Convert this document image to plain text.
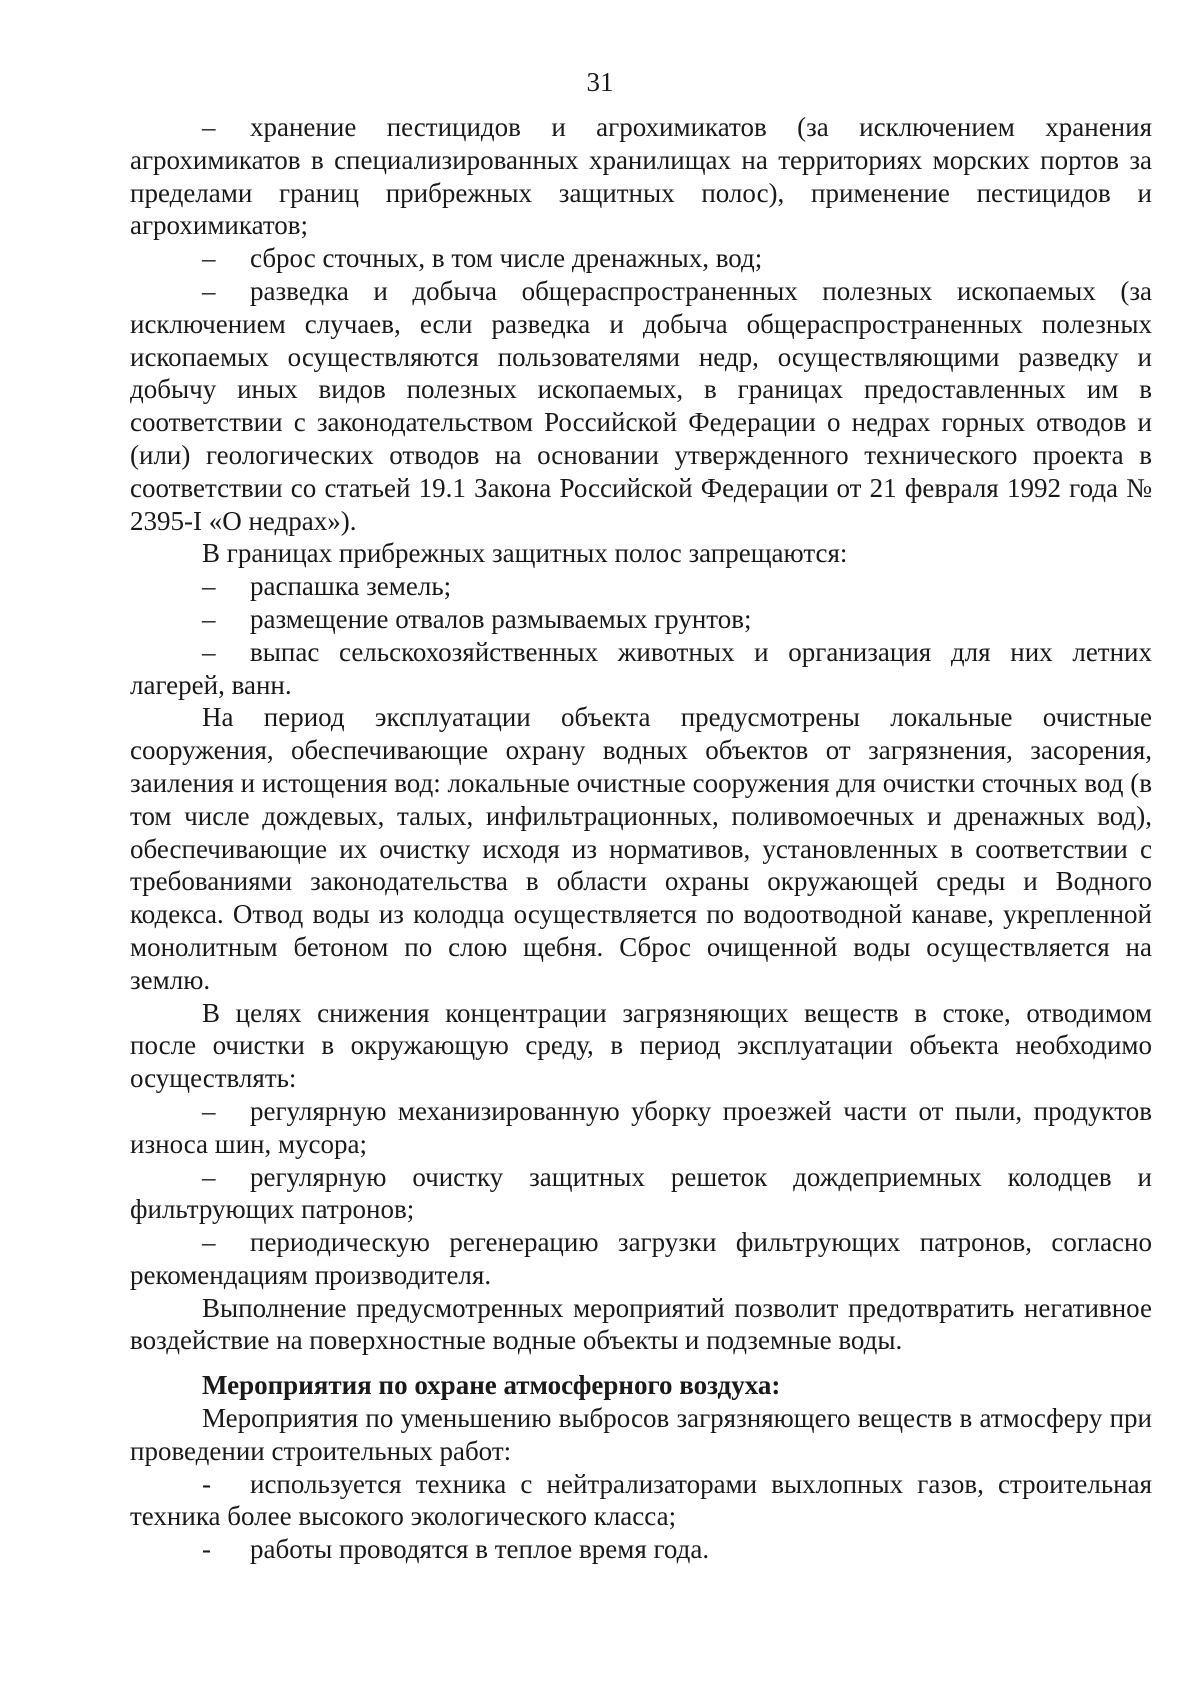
31

– хранение пестицидов и агрохимикатов (за исключением хранения агрохимикатов в специализированных хранилищах на территориях морских портов за пределами границ прибрежных защитных полос), применение пестицидов и агрохимикатов;

– сброс сточных, в том числе дренажных, вод;

– разведка и добыча общераспространенных полезных ископаемых (за исключением случаев, если разведка и добыча общераспространенных полезных ископаемых осуществляются пользователями недр, осуществляющими разведку и добычу иных видов полезных ископаемых, в границах предоставленных им в соответствии с законодательством Российской Федерации о недрах горных отводов и (или) геологических отводов на основании утвержденного технического проекта в соответствии со статьей 19.1 Закона Российской Федерации от 21 февраля 1992 года № 2395-I «О недрах»).

В границах прибрежных защитных полос запрещаются:

– распашка земель;

– размещение отвалов размываемых грунтов;

– выпас сельскохозяйственных животных и организация для них летних лагерей, ванн.

На период эксплуатации объекта предусмотрены локальные очистные сооружения, обеспечивающие охрану водных объектов от загрязнения, засорения, заиления и истощения вод: локальные очистные сооружения для очистки сточных вод (в том числе дождевых, талых, инфильтрационных, поливомоечных и дренажных вод), обеспечивающие их очистку исходя из нормативов, установленных в соответствии с требованиями законодательства в области охраны окружающей среды и Водного кодекса. Отвод воды из колодца осуществляется по водоотводной канаве, укрепленной монолитным бетоном по слою щебня. Сброс очищенной воды осуществляется на землю.

В целях снижения концентрации загрязняющих веществ в стоке, отводимом после очистки в окружающую среду, в период эксплуатации объекта необходимо осуществлять:

– регулярную механизированную уборку проезжей части от пыли, продуктов износа шин, мусора;

– регулярную очистку защитных решеток дождеприемных колодцев и фильтрующих патронов;

– периодическую регенерацию загрузки фильтрующих патронов, согласно рекомендациям производителя.

Выполнение предусмотренных мероприятий позволит предотвратить негативное воздействие на поверхностные водные объекты и подземные воды.

Мероприятия по охране атмосферного воздуха:

Мероприятия по уменьшению выбросов загрязняющего веществ в атмосферу при проведении строительных работ:

- используется техника с нейтрализаторами выхлопных газов, строительная техника более высокого экологического класса;

- работы проводятся в теплое время года.
